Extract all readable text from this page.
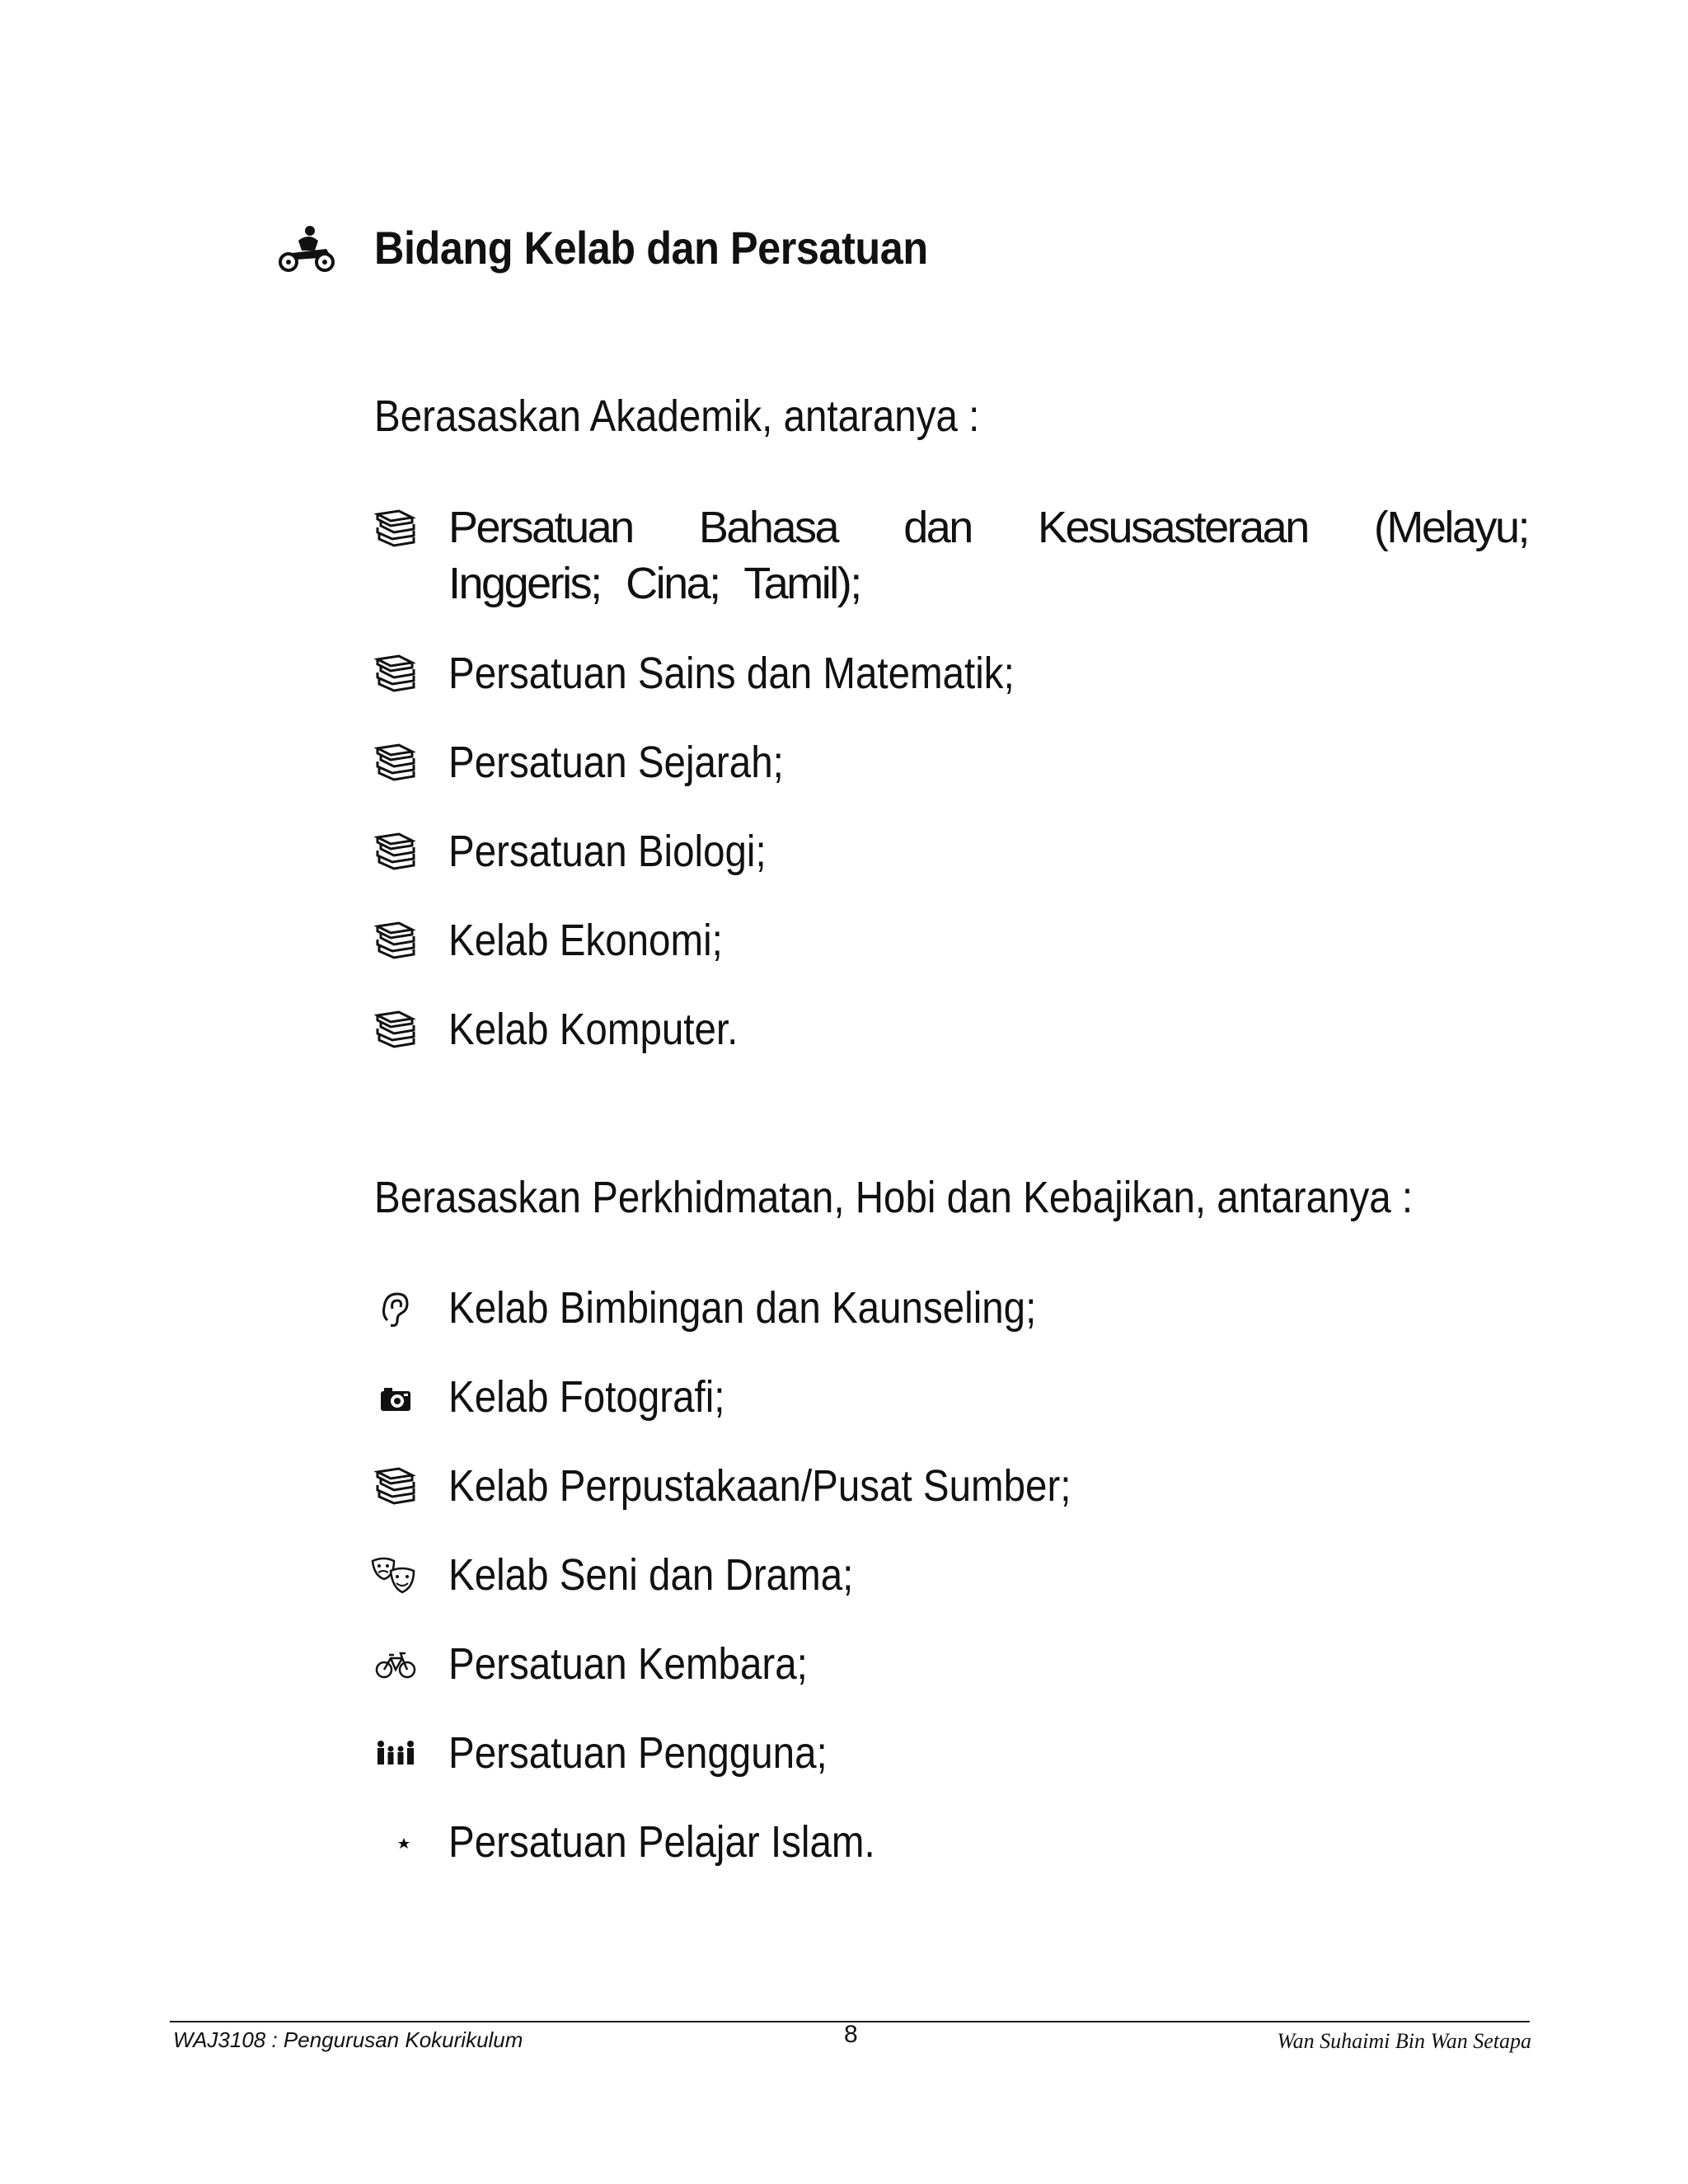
Bidang Kelab dan Persatuan
Berasaskan Akademik, antaranya :
Persatuan Bahasa dan Kesusasteraan (Melayu; Inggeris; Cina; Tamil);
Persatuan Sains dan Matematik;
Persatuan Sejarah;
Persatuan Biologi;
Kelab Ekonomi;
Kelab Komputer.
Berasaskan Perkhidmatan, Hobi dan Kebajikan, antaranya :
Kelab Bimbingan dan Kaunseling;
Kelab Fotografi;
Kelab Perpustakaan/Pusat Sumber;
Kelab Seni dan Drama;
Persatuan Kembara;
Persatuan Pengguna;
Persatuan Pelajar Islam.
WAJ3108 : Pengurusan Kokurikulum	8	Wan Suhaimi Bin Wan Setapa
